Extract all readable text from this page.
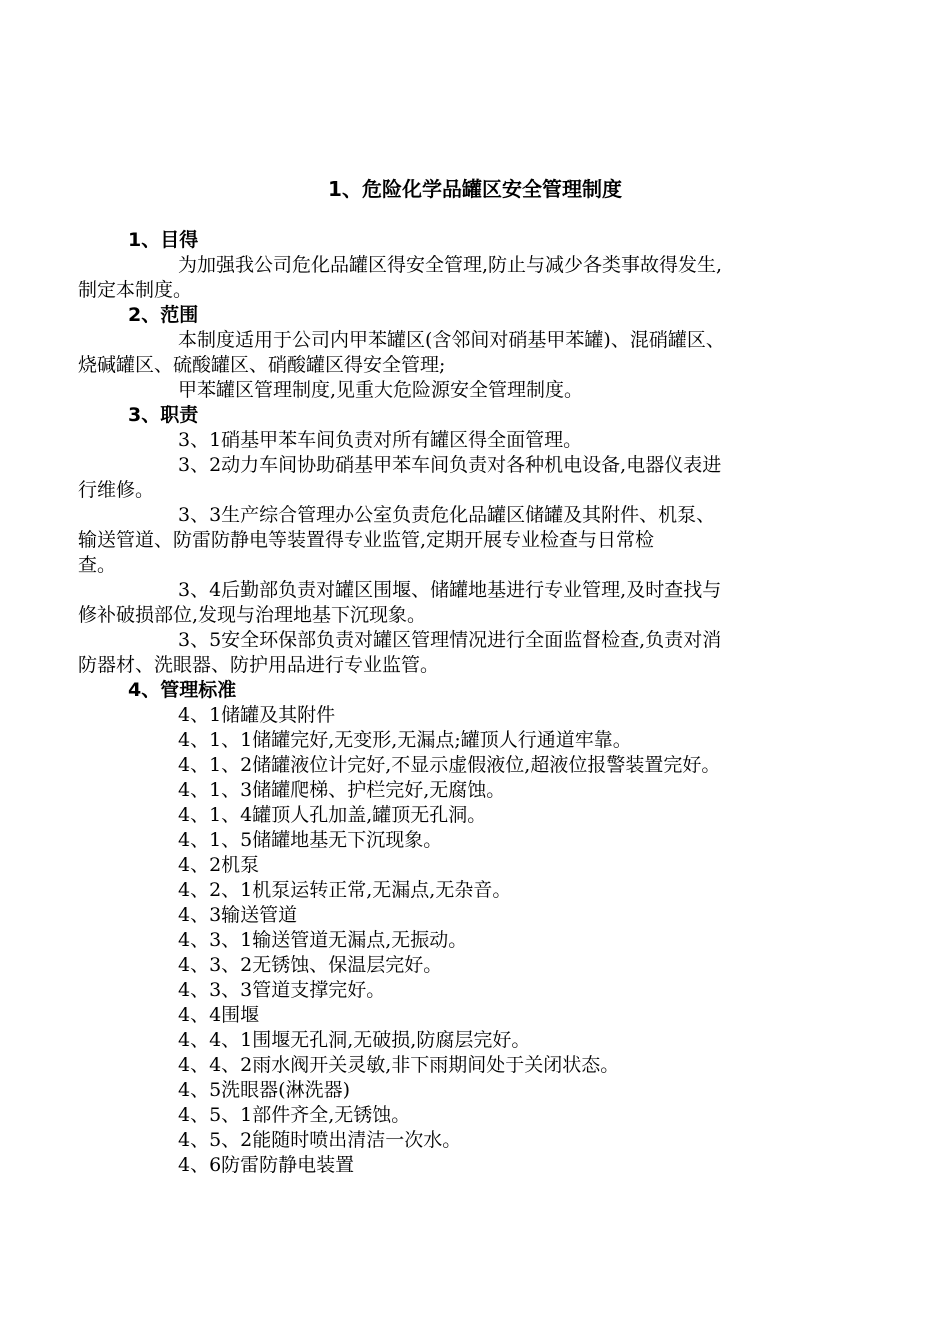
1、危险化学品罐区安全管理制度
1、目得

为加强我公司危化品罐区得安全管理,防止与减少各类事故得发生,
制定本制度。

2、范围

本制度适用于公司内甲苯罐区(含邻间对硝基甲苯罐)、混硝罐区、
烧碱罐区、硫酸罐区、硝酸罐区得安全管理;

甲苯罐区管理制度,见重大危险源安全管理制度。

3、职责

3、1硝基甲苯车间负责对所有罐区得全面管理。

3、2动力车间协助硝基甲苯车间负责对各种机电设备,电器仪表进
行维修。

3、3生产综合管理办公室负责危化品罐区储罐及其附件、机泵、
输送管道、防雷防静电等装置得专业监管,定期开展专业检查与日常检
查。

3、4后勤部负责对罐区围堰、储罐地基进行专业管理,及时查找与
修补破损部位,发现与治理地基下沉现象。

3、5安全环保部负责对罐区管理情况进行全面监督检查,负责对消
防器材、洗眼器、防护用品进行专业监管。

4、管理标准
4、1储罐及其附件
4、1、1储罐完好,无变形,无漏点;罐顶人行通道牢靠。
4、1、2储罐液位计完好,不显示虚假液位,超液位报警装置完好。
4、1、3储罐爬梯、护栏完好,无腐蚀。
4、1、4罐顶人孔加盖,罐顶无孔洞。
4、1、5储罐地基无下沉现象。
4、2机泵
4、2、1机泵运转正常,无漏点,无杂音。
4、3输送管道
4、3、1输送管道无漏点,无振动。
4、3、2无锈蚀、保温层完好。
4、3、3管道支撑完好。
4、4围堰
4、4、1围堰无孔洞,无破损,防腐层完好。
4、4、2雨水阀开关灵敏,非下雨期间处于关闭状态。
4、5洗眼器(淋洗器)
4、5、1部件齐全,无锈蚀。
4、5、2能随时喷出清洁一次水。
4、6防雷防静电装置
